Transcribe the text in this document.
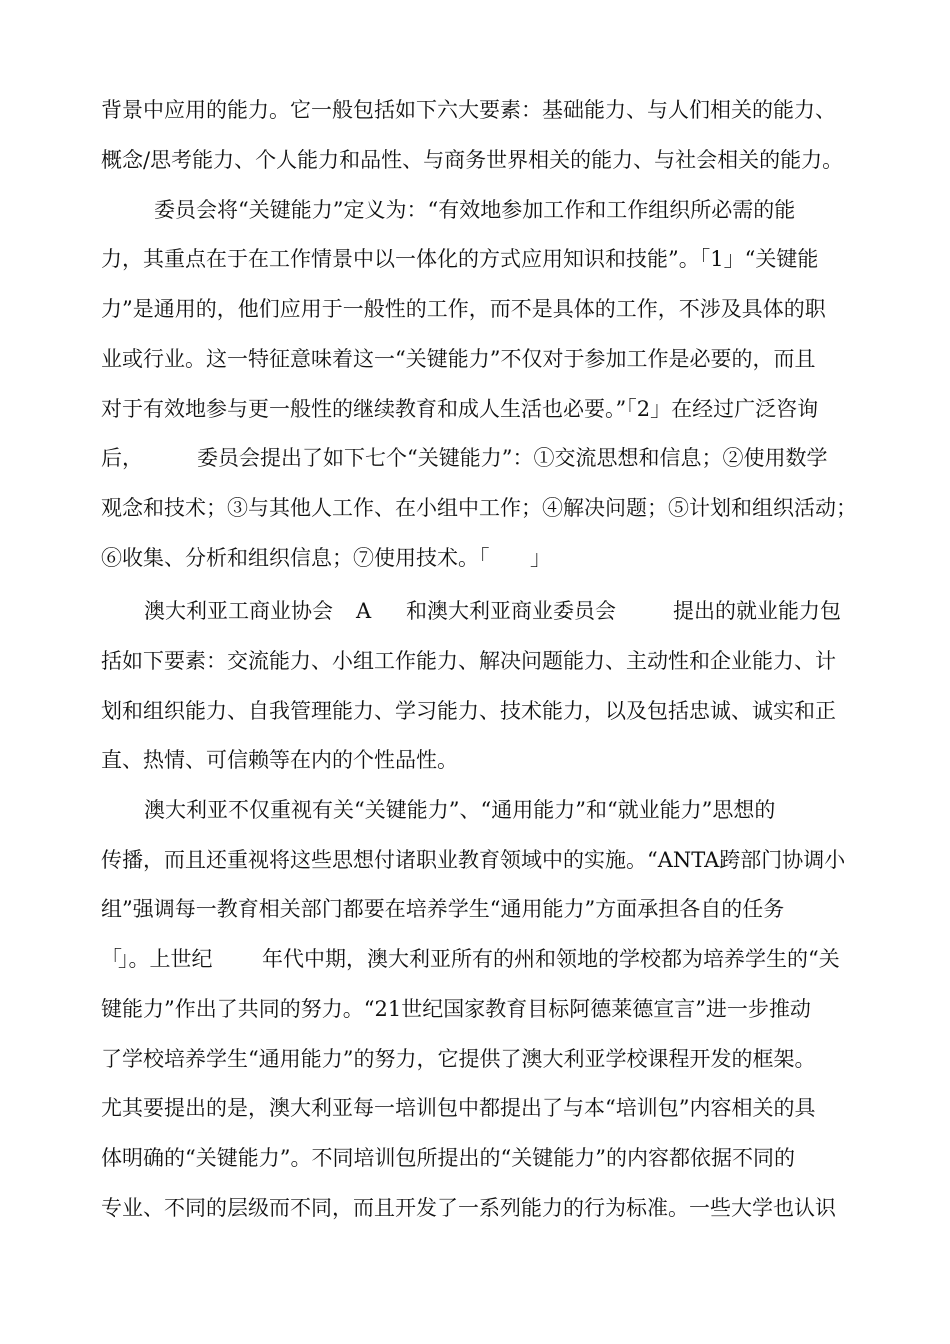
背景中应用的能力。它一般包括如下六大要素：基础能力、与人们相关的能力、

概念/思考能力、个人能力和品性、与商务世界相关的能力、与社会相关的能力。

委员会将“关键能力”定义为：“有效地参加工作和工作组织所必需的能

力，其重点在于在工作情景中以一体化的方式应用知识和技能”。「1」“关键能

力”是通用的，他们应用于一般性的工作，而不是具体的工作，不涉及具体的职

业或行业。这一特征意味着这一“关键能力”不仅对于参加工作是必要的，而且

对于有效地参与更一般性的继续教育和成人生活也必要。”「2」在经过广泛咨询

后，

	委员会提出了如下七个“关键能力”：①交流思想和信息；②使用数学

观念和技术；③与其他人工作、在小组中工作；④解决问题；⑤计划和组织活动；

⑥收集、分析和组织信息；⑦使用技术。「

」

澳大利亚工商业协会

A

和澳大利亚商业委员会

	提出的就业能力包

括如下要素：交流能力、小组工作能力、解决问题能力、主动性和企业能力、计

划和组织能力、自我管理能力、学习能力、技术能力，以及包括忠诚、诚实和正

直、热情、可信赖等在内的个性品性。

澳大利亚不仅重视有关“关键能力”、“通用能力”和“就业能力”思想的

传播，而且还重视将这些思想付诸职业教育领域中的实施。“ANTA跨部门协调小

组”强调每一教育相关部门都要在培养学生“通用能力”方面承担各自的任务

「

」。上世纪

年代中期，澳大利亚所有的州和领地的学校都为培养学生的“关

键能力”作出了共同的努力。“21世纪国家教育目标阿德莱德宣言”进一步推动

了学校培养学生“通用能力”的努力，它提供了澳大利亚学校课程开发的框架。

尤其要提出的是，澳大利亚每一培训包中都提出了与本“培训包”内容相关的具

体明确的“关键能力”。不同培训包所提出的“关键能力”的内容都依据不同的

专业、不同的层级而不同，而且开发了一系列能力的行为标准。一些大学也认识
